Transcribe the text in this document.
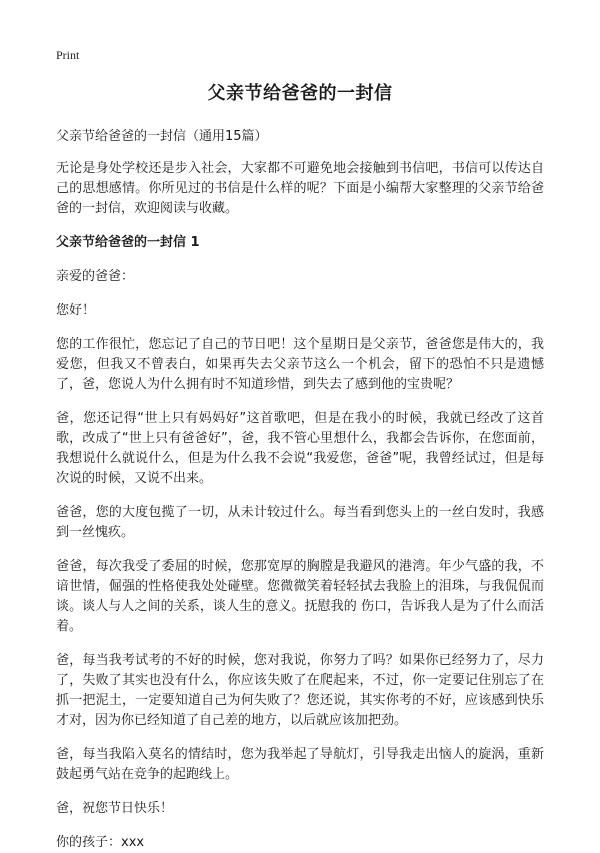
Print
父亲节给爸爸的一封信
父亲节给爸爸的一封信（通用15篇）

无论是身处学校还是步入社会，大家都不可避免地会接触到书信吧，书信可以传达自己的思想感情。你所见过的书信是什么样的呢？下面是小编帮大家整理的父亲节给爸爸的一封信，欢迎阅读与收藏。

父亲节给爸爸的一封信 1

亲爱的爸爸：

您好！

您的工作很忙，您忘记了自己的节日吧！这个星期日是父亲节，爸爸您是伟大的，我爱您，但我又不曾表白，如果再失去父亲节这么一个机会，留下的恐怕不只是遗憾了，爸，您说人为什么拥有时不知道珍惜，到失去了感到他的宝贵呢？

爸，您还记得“世上只有妈妈好”这首歌吧，但是在我小的时候，我就已经改了这首歌，改成了“世上只有爸爸好”，爸，我不管心里想什么，我都会告诉你，在您面前，我想说什么就说什么，但是为什么我不会说“我爱您，爸爸”呢，我曾经试过，但是每次说的时候，又说不出来。

爸爸，您的大度包揽了一切，从未计较过什么。每当看到您头上的一丝白发时，我感到一丝愧疚。

爸爸，每次我受了委屈的时候，您那宽厚的胸膛是我避风的港湾。年少气盛的我，不谙世情，倔强的性格使我处处碰壁。您微微笑着轻轻拭去我脸上的泪珠，与我侃侃而谈。谈人与人之间的关系，谈人生的意义。抚慰我的 伤口，告诉我人是为了什么而活着。

爸，每当我考试考的不好的时候，您对我说，你努力了吗？如果你已经努力了，尽力了，失败了其实也没有什么，你应该失败了在爬起来，不过，你一定要记住别忘了在抓一把泥土，一定要知道自己为何失败了？您还说，其实你考的不好，应该感到快乐才对，因为你已经知道了自己差的地方，以后就应该加把劲。

爸，每当我陷入莫名的情结时，您为我举起了导航灯，引导我走出恼人的旋涡，重新鼓起勇气站在竞争的起跑线上。

爸，祝您节日快乐！

你的孩子：xxx
